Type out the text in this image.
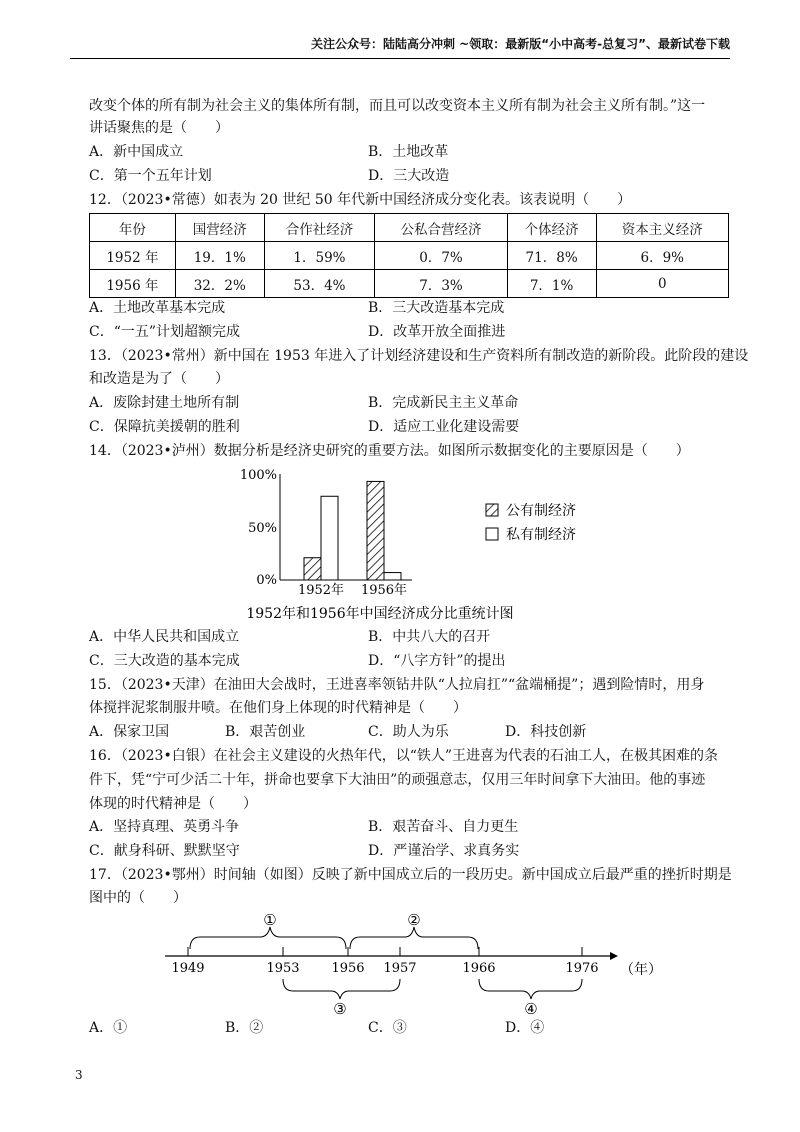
关注公众号：陆陆高分冲刺 ~领取：最新版“小中高考-总复习”、最新试卷下载
改变个体的所有制为社会主义的集体所有制，而且可以改变资本主义所有制为社会主义所有制。”这一
讲话聚焦的是（　　）
A．新中国成立	B．土地改革
C．第一个五年计划	D．三大改造
12．（2023•常德）如表为 20 世纪 50 年代新中国经济成分变化表。该表说明（　　）
年份	国营经济	合作社经济	公私合营经济	个体经济	资本主义经济
1952 年	19．1%	1．59%	0．7%	71．8%	6．9%
1956 年	32．2%	53．4%	7．3%	7．1%	0
A．土地改革基本完成	B．三大改造基本完成
C．“一五”计划超额完成	D．改革开放全面推进
13．（2023•常州）新中国在 1953 年进入了计划经济建设和生产资料所有制改造的新阶段。此阶段的建设
和改造是为了（　　）
A．废除封建土地所有制	B．完成新民主主义革命
C．保障抗美援朝的胜利	D．适应工业化建设需要
14．（2023•泸州）数据分析是经济史研究的重要方法。如图所示数据变化的主要原因是（　　）
100%
50%
0%
1952年 1956年
公有制经济
私有制经济
1952年和1956年中国经济成分比重统计图
A．中华人民共和国成立	B．中共八大的召开
C．三大改造的基本完成	D．“八字方针”的提出
15．（2023•天津）在油田大会战时，王进喜率领钻井队“人拉肩扛”“盆端桶提”；遇到险情时，用身
体搅拌泥浆制服井喷。在他们身上体现的时代精神是（　　）
A．保家卫国	B．艰苦创业	C．助人为乐	D．科技创新
16．（2023•白银）在社会主义建设的火热年代，以“铁人”王进喜为代表的石油工人，在极其困难的条
件下，凭“宁可少活二十年，拼命也要拿下大油田”的顽强意志，仅用三年时间拿下大油田。他的事迹
体现的时代精神是（　　）
A．坚持真理、英勇斗争	B．艰苦奋斗、自力更生
C．献身科研、默默坚守	D．严谨治学、求真务实
17．（2023•鄂州）时间轴（如图）反映了新中国成立后的一段历史。新中国成立后最严重的挫折时期是
图中的（　　）
1949	1953 1956 1957	1966	1976 （年）
①	②
③	④
A．①	B．②	C．③	D．④
3
